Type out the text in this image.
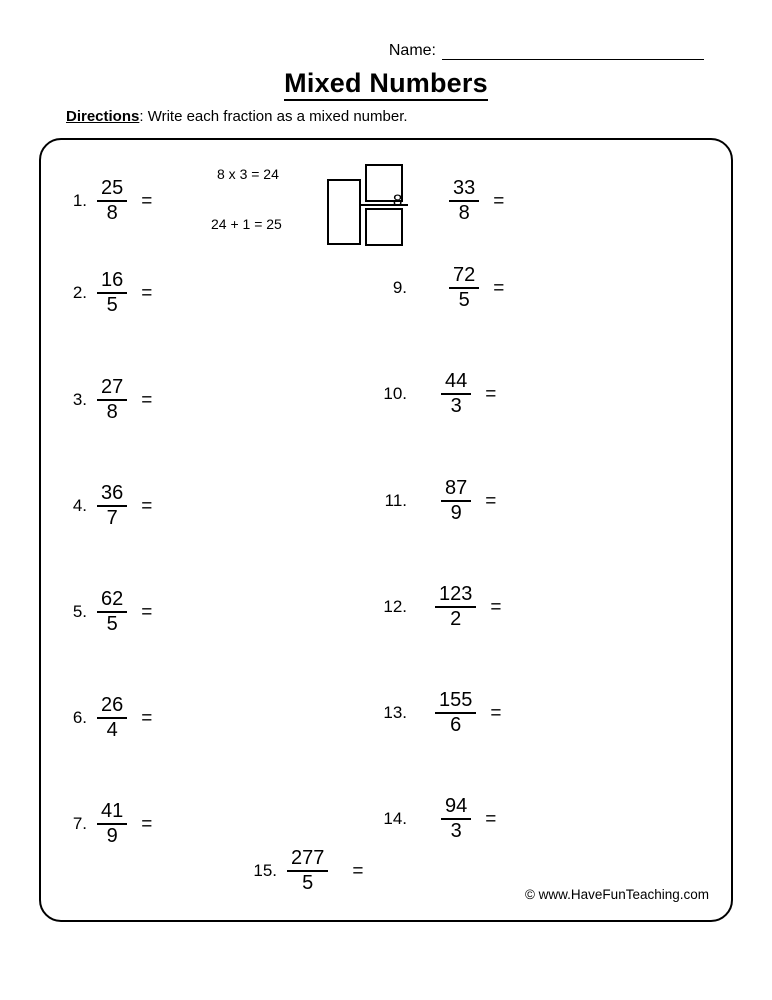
Name:
Mixed Numbers
Directions: Write each fraction as a mixed number.
1. $\frac{25}{8}$ =
2. $\frac{16}{5}$ =
3. $\frac{27}{8}$ =
4. $\frac{36}{7}$ =
5. $\frac{62}{5}$ =
6. $\frac{26}{4}$ =
7. $\frac{41}{9}$ =
8 x 3 = 24
24 + 1 = 25
8. $\frac{33}{8}$ =
9. $\frac{72}{5}$ =
10. $\frac{44}{3}$ =
11. $\frac{87}{9}$ =
12. $\frac{123}{2}$ =
13. $\frac{155}{6}$ =
14. $\frac{94}{3}$ =
15. $\frac{277}{5}$ =
© www.HaveFunTeaching.com
